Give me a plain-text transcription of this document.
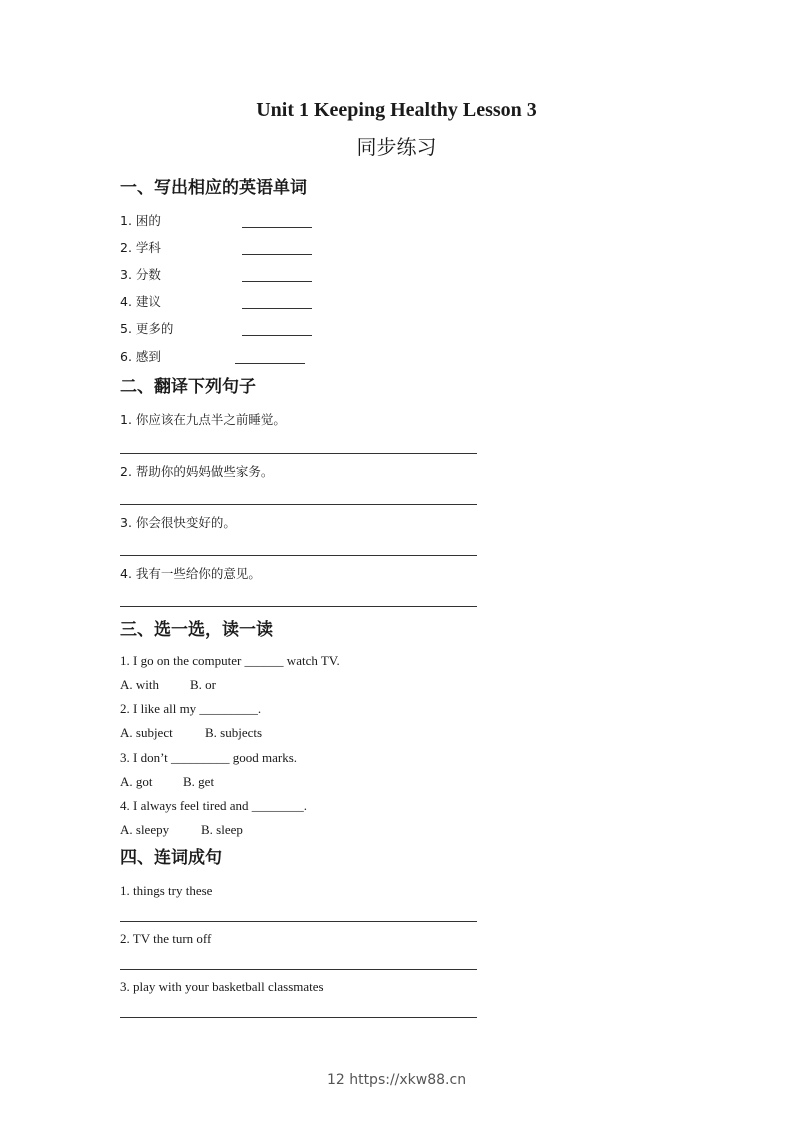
Unit 1 Keeping Healthy Lesson 3
同步练习
一、写出相应的英语单词
1. 困的
2. 学科
3. 分数
4. 建议
5. 更多的
6. 感到
二、翻译下列句子
1. 你应该在九点半之前睡觉。
2. 帮助你的妈妈做些家务。
3. 你会很快变好的。
4. 我有一些给你的意见。
三、选一选，读一读
1. I go on the computer ______ watch TV.
A. with B. or
2. I like all my _________.
A. subject B. subjects
3. I don’t _________ good marks.
A. got B. get
4. I always feel tired and ________.
A. sleepy B. sleep
四、连词成句
1. things try these
2. TV the turn off
3. play with your basketball classmates
12 https://xkw88.cn
